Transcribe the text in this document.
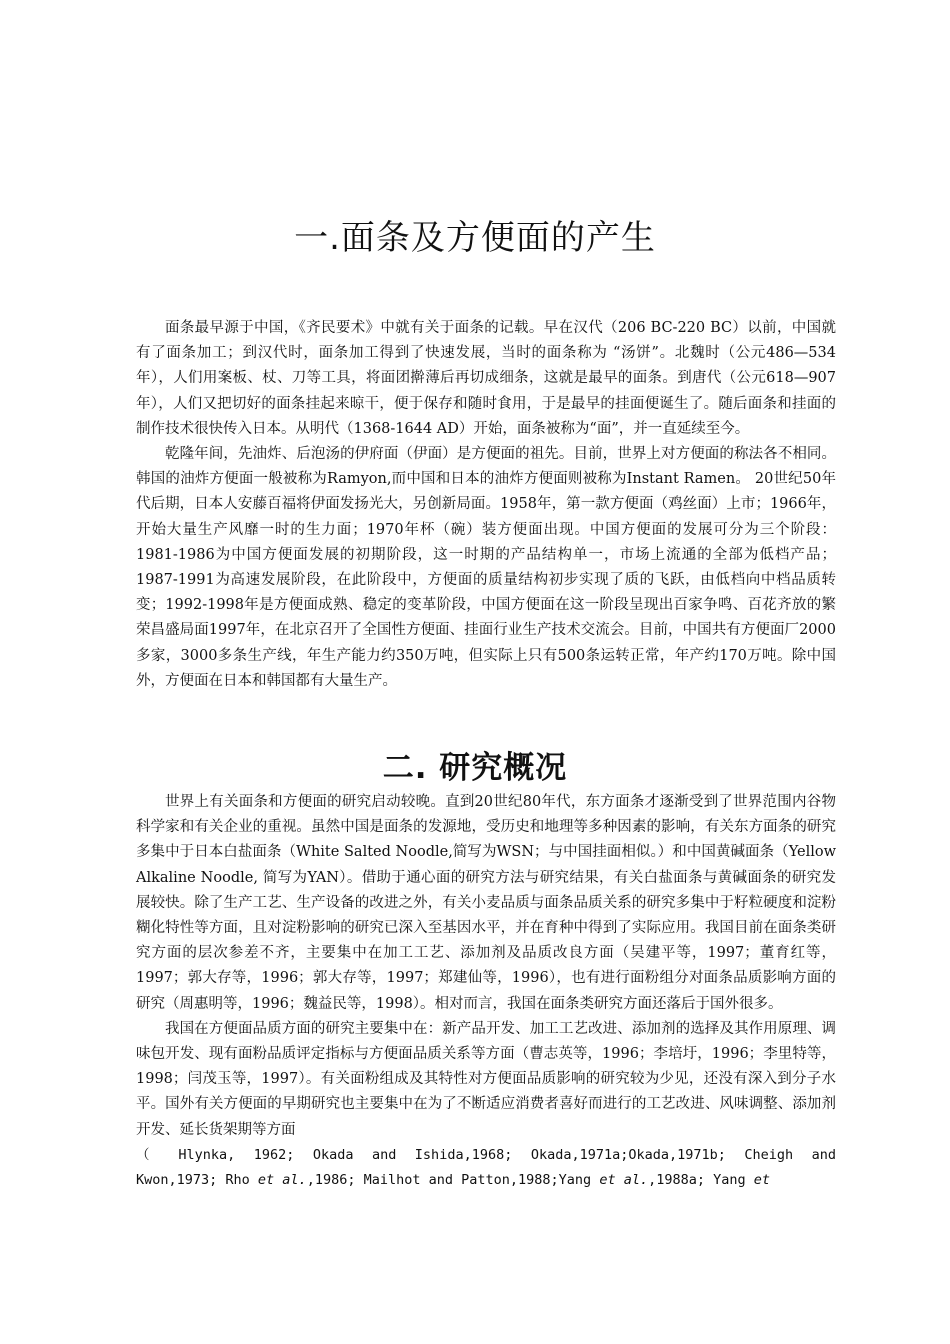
一.面条及方便面的产生

面条最早源于中国，《齐民要术》中就有关于面条的记载。早在汉代（206 BC-220 BC）以前，中国就有了面条加工；到汉代时，面条加工得到了快速发展，当时的面条称为 “汤饼”。北魏时（公元486—534年），人们用案板、杖、刀等工具，将面团擀薄后再切成细条，这就是最早的面条。到唐代（公元618—907年），人们又把切好的面条挂起来晾干，便于保存和随时食用，于是最早的挂面便诞生了。随后面条和挂面的制作技术很快传入日本。从明代（1368-1644 AD）开始，面条被称为“面”，并一直延续至今。

乾隆年间，先油炸、后泡汤的伊府面（伊面）是方便面的祖先。目前，世界上对方便面的称法各不相同。韩国的油炸方便面一般被称为Ramyon,而中国和日本的油炸方便面则被称为Instant Ramen。 20世纪50年代后期，日本人安藤百福将伊面发扬光大，另创新局面。1958年，第一款方便面（鸡丝面）上市；1966年，开始大量生产风靡一时的生力面；1970年杯（碗）装方便面出现。中国方便面的发展可分为三个阶段： 1981-1986为中国方便面发展的初期阶段，这一时期的产品结构单一，市场上流通的全部为低档产品；1987-1991为高速发展阶段，在此阶段中，方便面的质量结构初步实现了质的飞跃，由低档向中档品质转变；1992-1998年是方便面成熟、稳定的变革阶段，中国方便面在这一阶段呈现出百家争鸣、百花齐放的繁荣昌盛局面1997年，在北京召开了全国性方便面、挂面行业生产技术交流会。目前，中国共有方便面厂2000多家，3000多条生产线，年生产能力约350万吨，但实际上只有500条运转正常，年产约170万吨。除中国外，方便面在日本和韩国都有大量生产。

二. 研究概况

世界上有关面条和方便面的研究启动较晚。直到20世纪80年代，东方面条才逐渐受到了世界范围内谷物科学家和有关企业的重视。虽然中国是面条的发源地，受历史和地理等多种因素的影响，有关东方面条的研究多集中于日本白盐面条（White Salted Noodle,简写为WSN；与中国挂面相似。）和中国黄碱面条（Yellow Alkaline Noodle, 简写为YAN）。借助于通心面的研究方法与研究结果，有关白盐面条与黄碱面条的研究发展较快。除了生产工艺、生产设备的改进之外，有关小麦品质与面条品质关系的研究多集中于籽粒硬度和淀粉糊化特性等方面，且对淀粉影响的研究已深入至基因水平，并在育种中得到了实际应用。我国目前在面条类研究方面的层次参差不齐，主要集中在加工工艺、添加剂及品质改良方面（吴建平等，1997；董育红等，1997；郭大存等，1996；郭大存等，1997；郑建仙等，1996），也有进行面粉组分对面条品质影响方面的研究（周惠明等，1996；魏益民等，1998）。相对而言，我国在面条类研究方面还落后于国外很多。

我国在方便面品质方面的研究主要集中在：新产品开发、加工工艺改进、添加剂的选择及其作用原理、调味包开发、现有面粉品质评定指标与方便面品质关系等方面（曹志英等，1996；李培圩，1996；李里特等，1998；闫茂玉等，1997）。有关面粉组成及其特性对方便面品质影响的研究较为少见，还没有深入到分子水平。国外有关方便面的早期研究也主要集中在为了不断适应消费者喜好而进行的工艺改进、风味调整、添加剂开发、延长货架期等方面

（ Hlynka, 1962; Okada and Ishida,1968; Okada,1971a;Okada,1971b; Cheigh and

Kwon,1973; Rho et al.,1986; Mailhot and Patton,1988;Yang et al.,1988a; Yang et
